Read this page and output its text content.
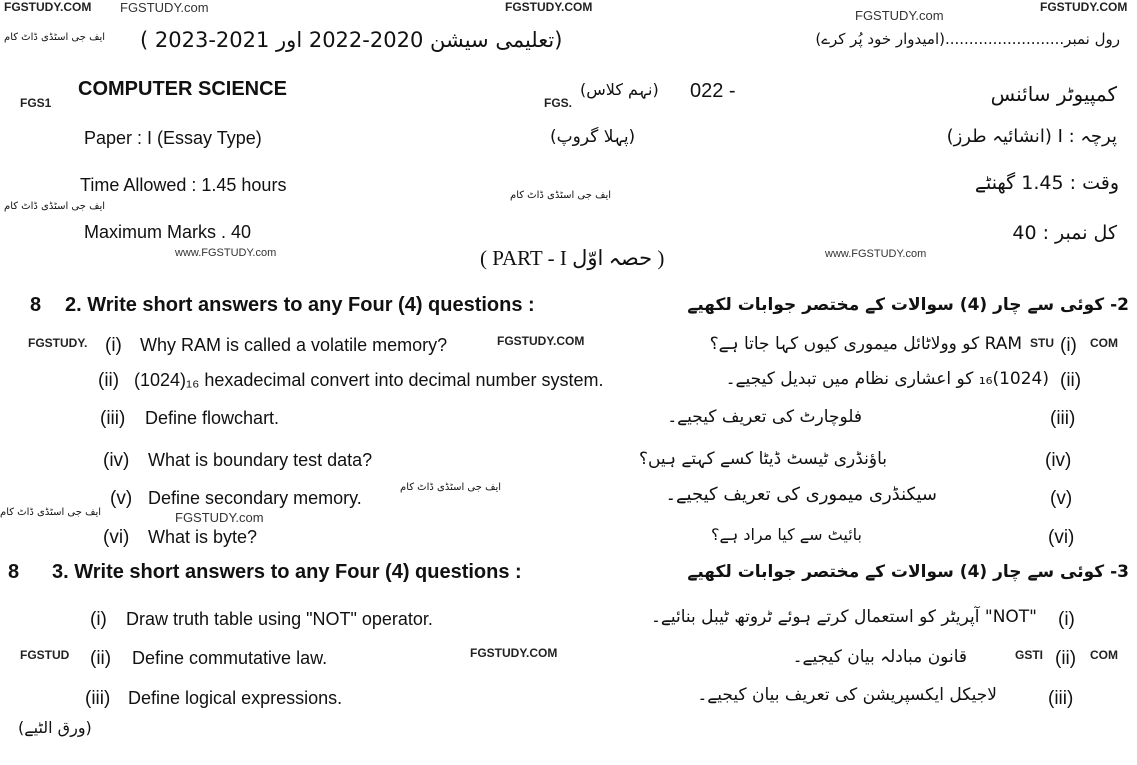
FGSTUDY.COM FGSTUDY.com	FGSTUDY.COM	FGSTUDY.COM
FGSTUDY.com
ایف جی اسٹڈی ڈاٹ کام
ایف جی اسٹڈی ڈاٹ کام
ایف جی اسٹڈی ڈاٹ کام
ایف جی اسٹڈی ڈاٹ کام
ایف جی اسٹڈی ڈاٹ کام
FGS1	FGS.
www.FGSTUDY.com	www.FGSTUDY.com
FGSTUDY.	FGSTUDY.COM	STU	COM
FGSTUDY.com
FGSTUD	FGSTUDY.COM	GSTI	COM
رول نمبر.........................(امیدوار خود پُر کرے)
(تعلیمی سیشن 2020-2022 اور 2021-2023 )
COMPUTER SCIENCE	کمپیوٹر سائنس
(نہم کلاس) 022 -
Paper : I (Essay Type)	(پہلا گروپ)	پرچہ : I (انشائیہ طرز)
Time Allowed : 1.45 hours	وقت : 1.45 گھنٹے
Maximum Marks . 40	کل نمبر : 40
( PART - I حصہ اوّل )
8 2. Write short answers to any Four (4) questions :	2- کوئی سے چار (4) سوالات کے مختصر جوابات لکھیے
(i) Why RAM is called a volatile memory?	RAM کو وولاٹائل میموری کیوں کہا جاتا ہے؟ (i)
(ii) (1024)₁₆ hexadecimal convert into decimal number system.	(1024)₁₆ کو اعشاری نظام میں تبدیل کیجیے۔ (ii)
(iii) Define flowchart.	فلوچارٹ کی تعریف کیجیے۔	(iii)
(iv) What is boundary test data?	باؤنڈری ٹیسٹ ڈیٹا کسے کہتے ہیں؟	(iv)
(v) Define secondary memory.	سیکنڈری میموری کی تعریف کیجیے۔	(v)
(vi) What is byte?	بائیٹ سے کیا مراد ہے؟	(vi)
8 3. Write short answers to any Four (4) questions :	3- کوئی سے چار (4) سوالات کے مختصر جوابات لکھیے
(i) Draw truth table using "NOT" operator.	"NOT" آپریٹر کو استعمال کرتے ہوئے ٹروتھ ٹیبل بنائیے۔ (i)
(ii) Define commutative law.	قانون مبادلہ بیان کیجیے۔	(ii)
(iii) Define logical expressions.	لاجیکل ایکسپریشن کی تعریف بیان کیجیے۔	(iii)
(ورق الٹیے)
